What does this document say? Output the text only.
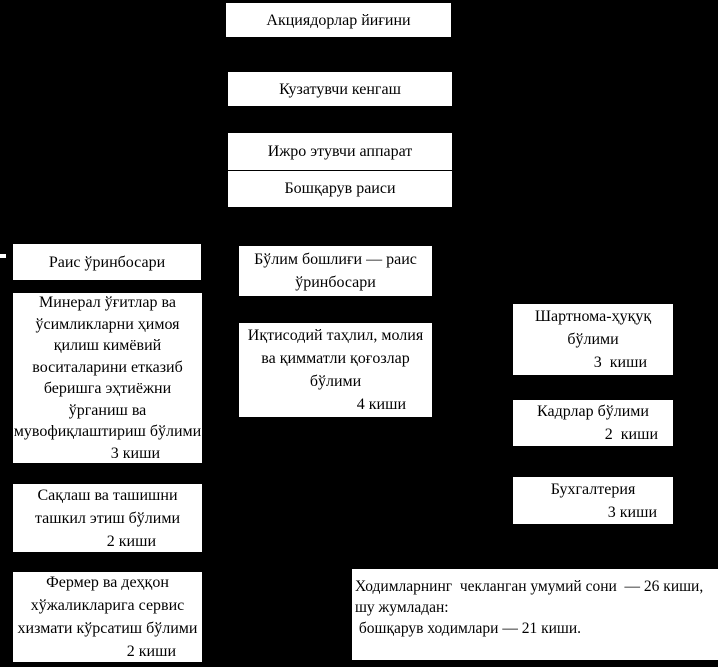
Акциядорлар йиғини
Кузатувчи кенгаш
Ижро этувчи аппарат
Бошқарув раиси
Раис ўринбосари	Бўлим бошлиғи — раис
ўринбосари
Минерал ўғитлар ва
ўсимликларни ҳимоя
қилиш кимёвий
воситаларини етказиб
беришга эҳтиёжни
ўрганиш ва
мувофиқлаштириш бўлими
3 киши
Иқтисодий таҳлил, молия
ва қимматли қоғозлар
бўлими
4 киши
Шартнома-ҳуқуқ
бўлими
3  киши
Кадрлар бўлими
2  киши
Бухгалтерия
3 киши
Сақлаш ва ташишни
ташкил этиш бўлими
2 киши
Фермер ва деҳқон
хўжаликларига сервис
хизмати кўрсатиш бўлими
2 киши
Ходимларнинг  чекланган умумий сони  — 26 киши,
шу жумладан:
бошқарув ходимлари — 21 киши.
